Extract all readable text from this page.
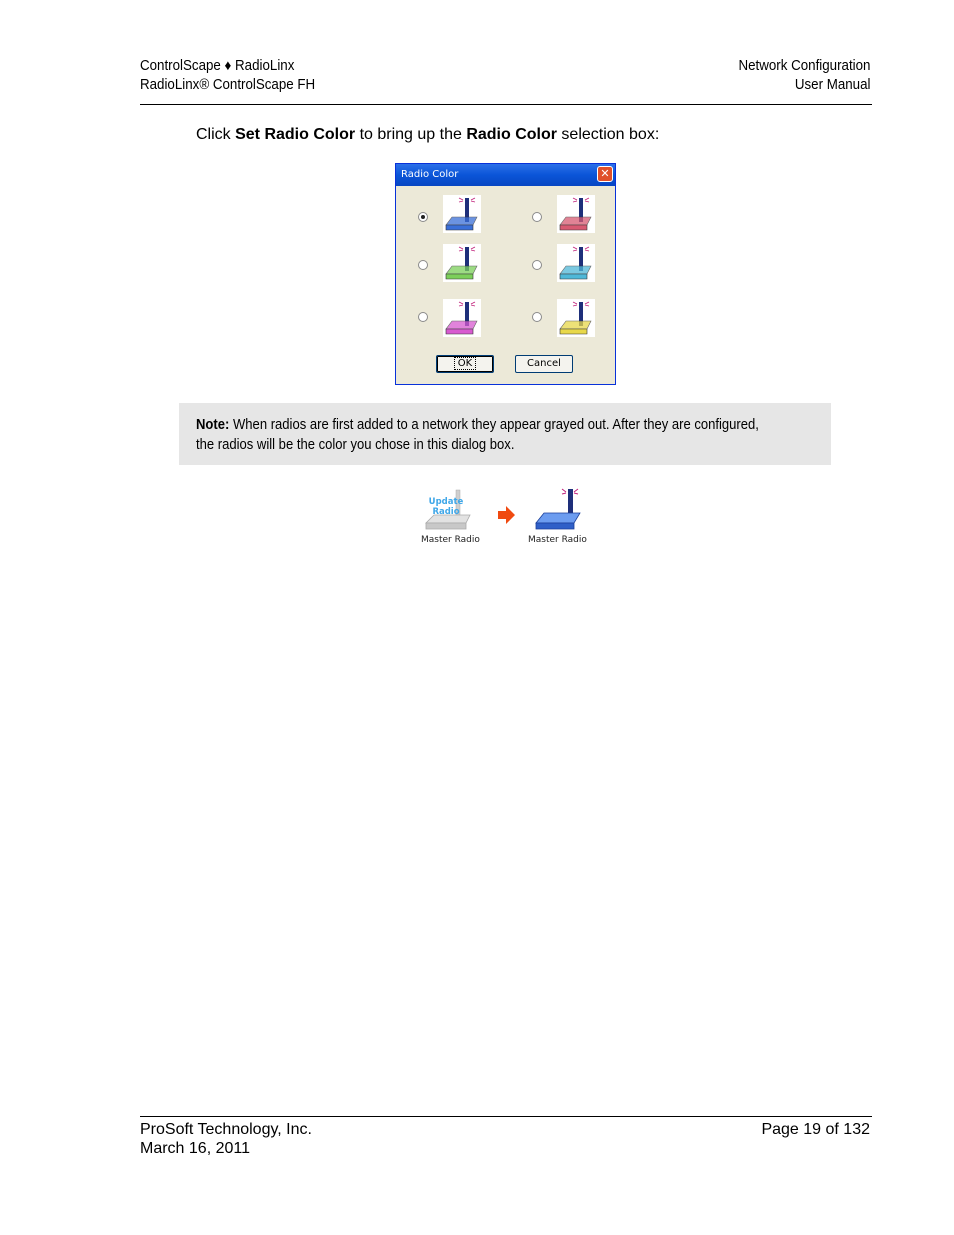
ControlScape ♦ RadioLinx
RadioLinx® ControlScape FH
Network Configuration
User Manual
Click Set Radio Color to bring up the Radio Color selection box:
Radio Color	✕
OK	Cancel
Note: When radios are first added to a network they appear grayed out. After they are configured,
the radios will be the color you chose in this dialog box.
Update
Radio
Master Radio	Master Radio
ProSoft Technology, Inc.
March 16, 2011
Page 19 of 132
